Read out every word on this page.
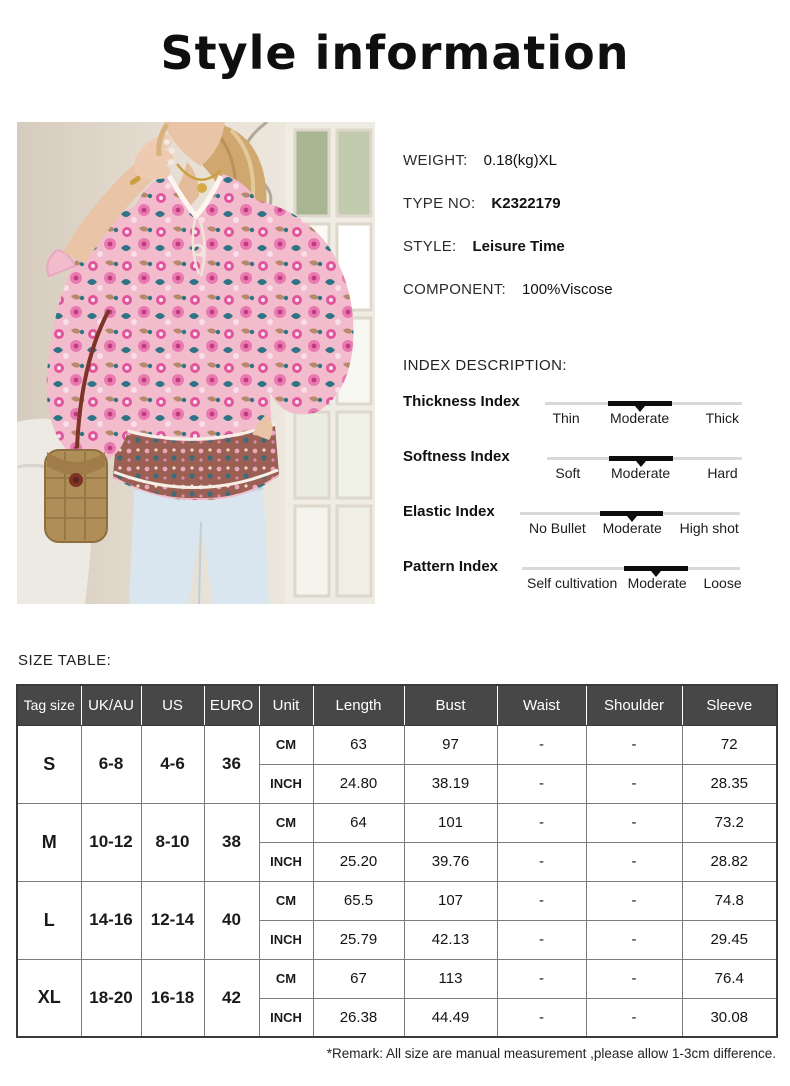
Style information
WEIGHT: 0.18(kg)XL
TYPE NO: K2322179
STYLE: Leisure Time
COMPONENT: 100%Viscose
INDEX DESCRIPTION:
Thickness Index
Thin Moderate	Thick
Softness Index
Soft Moderate	Hard
Elastic Index
No Bullet Moderate High shot
Pattern Index
Self cultivation Moderate Loose
SIZE TABLE:
Tag size	UK/AU	US	EURO	Unit	Length	Bust	Waist	Shoulder	Sleeve
S	6-8	4-6	36	CM	63	97	-	-	72
				INCH	24.80	38.19	-	-	28.35
M	10-12	8-10	38	CM	64	101	-	-	73.2
				INCH	25.20	39.76	-	-	28.82
L	14-16	12-14	40	CM	65.5	107	-	-	74.8
				INCH	25.79	42.13	-	-	29.45
XL	18-20	16-18	42	CM	67	113	-	-	76.4
				INCH	26.38	44.49	-	-	30.08
*Remark: All size are manual measurement ,please allow 1-3cm difference.
